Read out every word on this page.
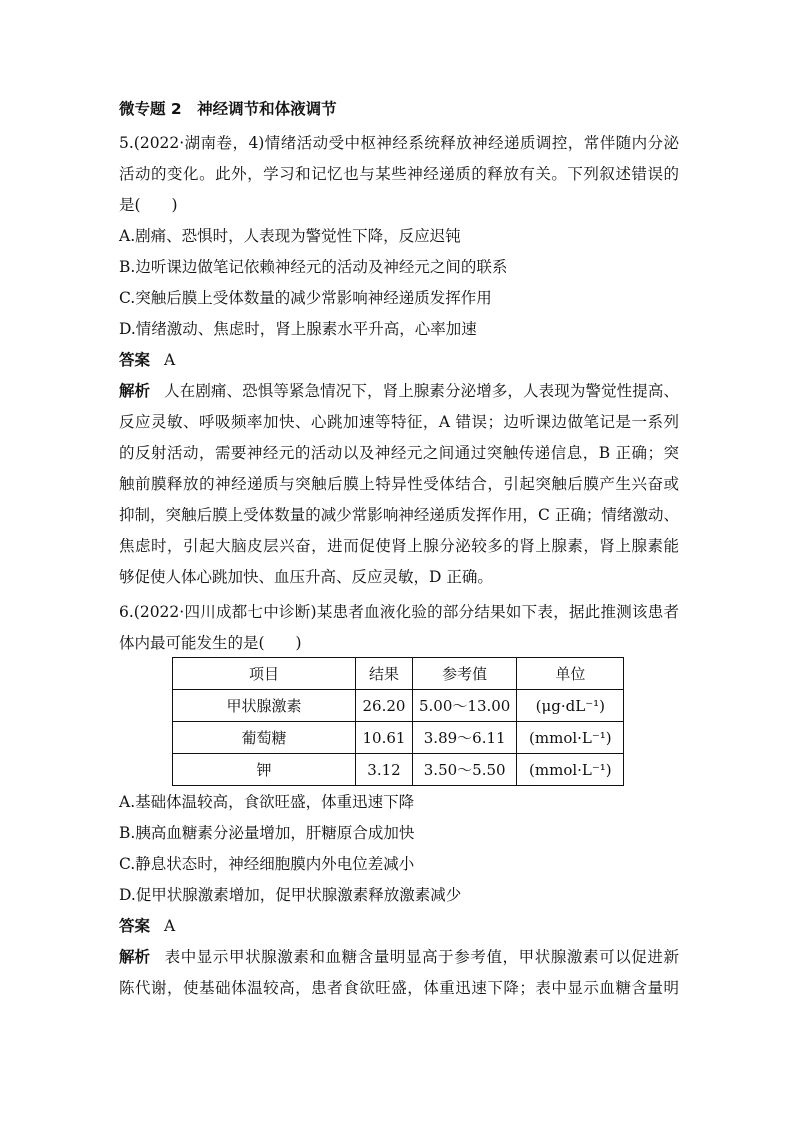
微专题 2　神经调节和体液调节
5.(2022·湖南卷，4)情绪活动受中枢神经系统释放神经递质调控，常伴随内分泌
活动的变化。此外，学习和记忆也与某些神经递质的释放有关。下列叙述错误的
是(　　)
A.剧痛、恐惧时，人表现为警觉性下降，反应迟钝
B.边听课边做笔记依赖神经元的活动及神经元之间的联系
C.突触后膜上受体数量的减少常影响神经递质发挥作用
D.情绪激动、焦虑时，肾上腺素水平升高，心率加速
答案 A
解析 人在剧痛、恐惧等紧急情况下，肾上腺素分泌增多，人表现为警觉性提高、
反应灵敏、呼吸频率加快、心跳加速等特征，A 错误；边听课边做笔记是一系列
的反射活动，需要神经元的活动以及神经元之间通过突触传递信息，B 正确；突
触前膜释放的神经递质与突触后膜上特异性受体结合，引起突触后膜产生兴奋或
抑制，突触后膜上受体数量的减少常影响神经递质发挥作用，C 正确；情绪激动、
焦虑时，引起大脑皮层兴奋，进而促使肾上腺分泌较多的肾上腺素，肾上腺素能
够促使人体心跳加快、血压升高、反应灵敏，D 正确。
6.(2022·四川成都七中诊断)某患者血液化验的部分结果如下表，据此推测该患者
体内最可能发生的是(　　)
项目	结果	参考值	单位
甲状腺激素	26.20	5.00～13.00	(μg·dL⁻¹)
葡萄糖	10.61	3.89～6.11	(mmol·L⁻¹)
钾	3.12	3.50～5.50	(mmol·L⁻¹)
A.基础体温较高，食欲旺盛，体重迅速下降
B.胰高血糖素分泌量增加，肝糖原合成加快
C.静息状态时，神经细胞膜内外电位差减小
D.促甲状腺激素增加，促甲状腺激素释放激素减少
答案 A
解析 表中显示甲状腺激素和血糖含量明显高于参考值，甲状腺激素可以促进新
陈代谢，使基础体温较高，患者食欲旺盛，体重迅速下降；表中显示血糖含量明
